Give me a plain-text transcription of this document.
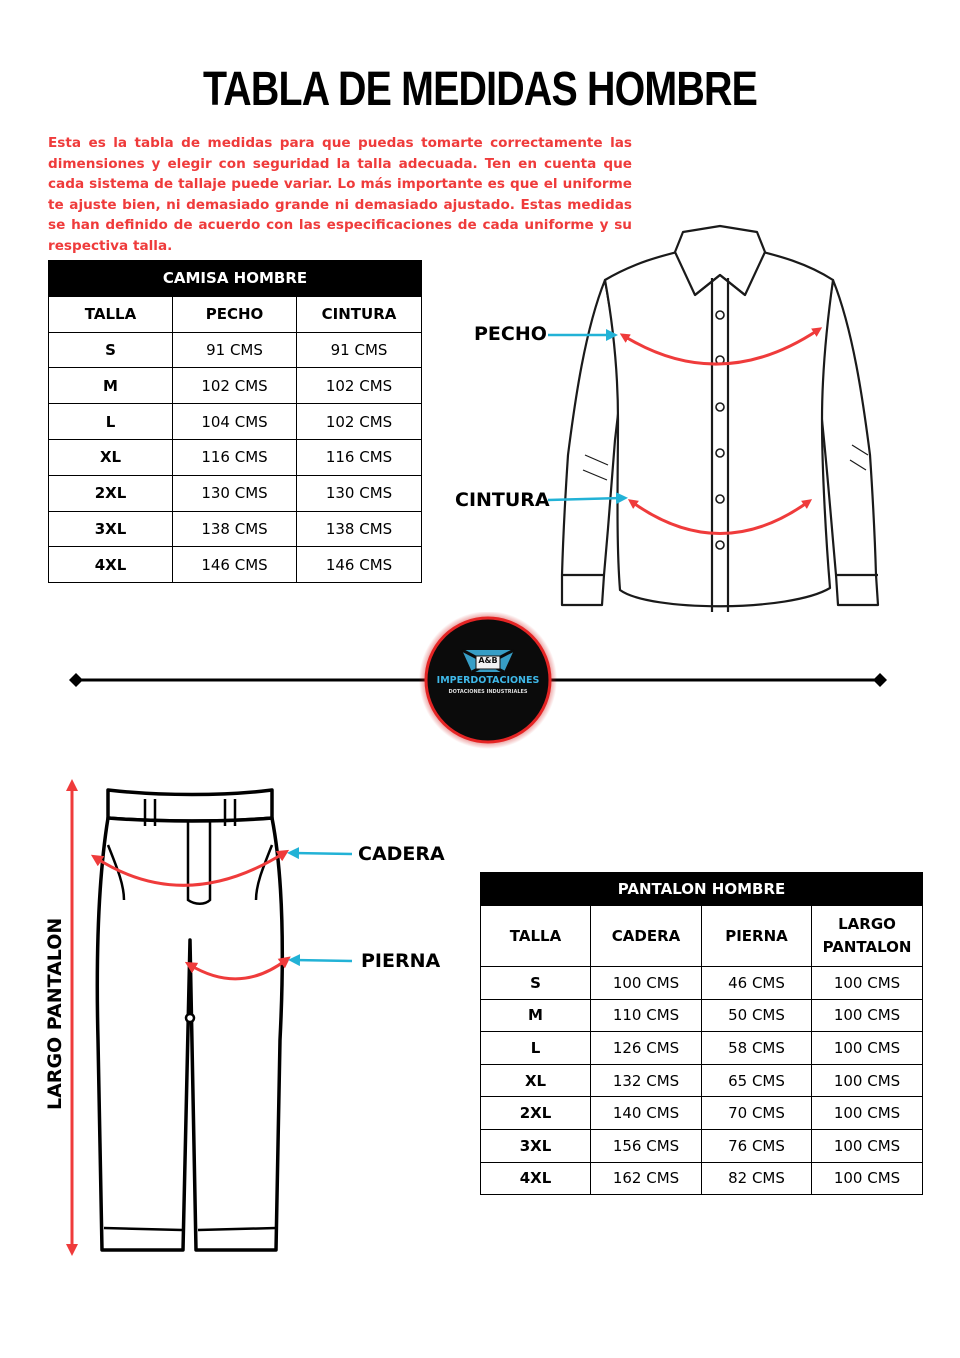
TABLA DE MEDIDAS HOMBRE
Esta es la tabla de medidas para que puedas tomarte correctamente las dimensiones y elegir con seguridad la talla adecuada. Ten en cuenta que cada sistema de tallaje puede variar. Lo más importante es que el uniforme te ajuste bien, ni demasiado grande ni demasiado ajustado. Estas medidas se han definido de acuerdo con las especificaciones de cada uniforme y su respectiva talla.
CAMISA HOMBRE		
TALLA	PECHO	CINTURA
S	91 CMS	91 CMS
M	102 CMS	102 CMS
L	104 CMS	102 CMS
XL	116 CMS	116 CMS
2XL	130 CMS	130 CMS
3XL	138 CMS	138 CMS
4XL	146 CMS	146 CMS
PECHO
CINTURA
A&B
IMPERDOTACIONES
DOTACIONES INDUSTRIALES
CADERA
PIERNA
LARGO PANTALON
PANTALON HOMBRE			
TALLA	CADERA	PIERNA	LARGO PANTALON
S	100 CMS	46 CMS	100 CMS
M	110 CMS	50 CMS	100 CMS
L	126 CMS	58 CMS	100 CMS
XL	132 CMS	65 CMS	100 CMS
2XL	140 CMS	70 CMS	100 CMS
3XL	156 CMS	76 CMS	100 CMS
4XL	162 CMS	82 CMS	100 CMS
